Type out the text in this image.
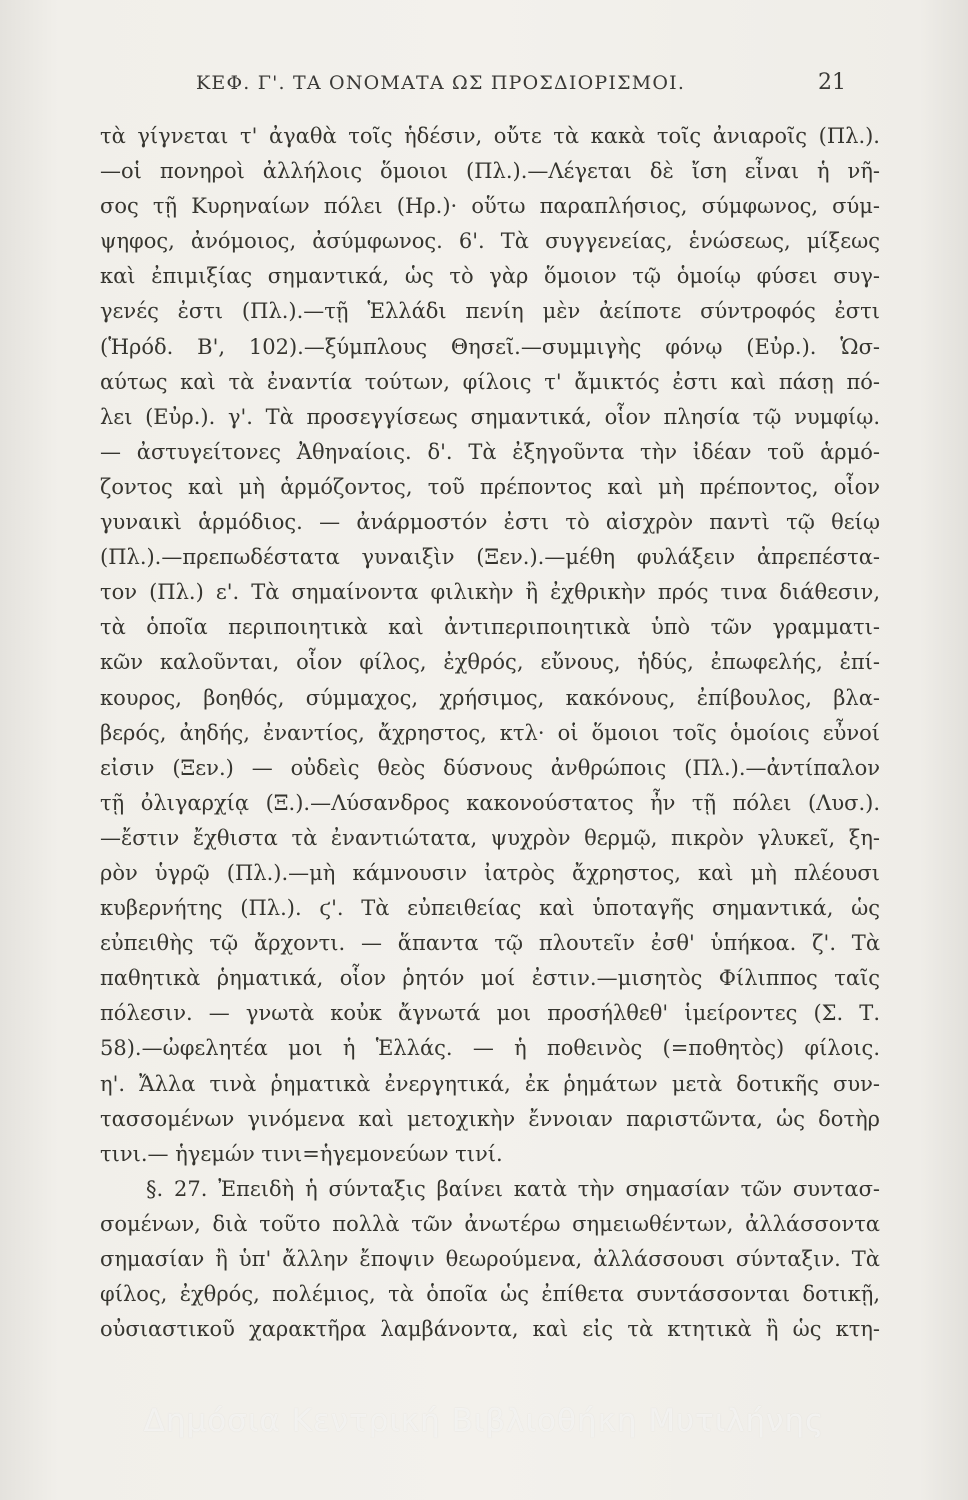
ΚΕΦ. Γ'. ΤΑ ΟΝΟΜΑΤΑ ΩΣ ΠΡΟΣΔΙΟΡΙΣΜΟΙ.	21
τὰ γίγνεται τ' ἀγαθὰ τοῖς ἡδέσιν, οὔτε τὰ κακὰ τοῖς ἀνιαροῖς (Πλ.).
—οἱ πονηροὶ ἀλλήλοις ὅμοιοι (Πλ.).—Λέγεται δὲ ἴση εἶναι ἡ νῆ-
σος τῇ Κυρηναίων πόλει (Ηρ.)· οὕτω παραπλήσιος, σύμφωνος, σύμ-
ψηφος, ἀνόμοιος, ἀσύμφωνος. 6'. Τὰ συγγενείας, ἑνώσεως, μίξεως
καὶ ἐπιμιξίας σημαντικά, ὡς τὸ γὰρ ὅμοιον τῷ ὁμοίῳ φύσει συγ-
γενές ἐστι (Πλ.).—τῇ Ἑλλάδι πενίη μὲν ἀείποτε σύντροφός ἐστι
(Ἡρόδ. Β', 102).—ξύμπλους Θησεῖ.—συμμιγὴς φόνῳ (Εὐρ.). Ὡσ-
αύτως καὶ τὰ ἐναντία τούτων, φίλοις τ' ἄμικτός ἐστι καὶ πάσῃ πό-
λει (Εὐρ.). γ'. Τὰ προσεγγίσεως σημαντικά, οἷον πλησία τῷ νυμφίῳ.
— ἀστυγείτονες Ἀθηναίοις. δ'. Τὰ ἐξηγοῦντα τὴν ἰδέαν τοῦ ἁρμό-
ζοντος καὶ μὴ ἁρμόζοντος, τοῦ πρέποντος καὶ μὴ πρέποντος, οἷον
γυναικὶ ἁρμόδιος. — ἀνάρμοστόν ἐστι τὸ αἰσχρὸν παντὶ τῷ θείῳ
(Πλ.).—πρεπωδέστατα γυναιξὶν (Ξεν.).—μέθη φυλάξειν ἀπρεπέστα-
τον (Πλ.) ε'. Τὰ σημαίνοντα φιλικὴν ἢ ἐχθρικὴν πρός τινα διάθεσιν,
τὰ ὁποῖα περιποιητικὰ καὶ ἀντιπεριποιητικὰ ὑπὸ τῶν γραμματι-
κῶν καλοῦνται, οἷον φίλος, ἐχθρός, εὔνους, ἡδύς, ἐπωφελής, ἐπί-
κουρος, βοηθός, σύμμαχος, χρήσιμος, κακόνους, ἐπίβουλος, βλα-
βερός, ἀηδής, ἐναντίος, ἄχρηστος, κτλ· οἱ ὅμοιοι τοῖς ὁμοίοις εὖνοί
εἰσιν (Ξεν.) — οὐδεὶς θεὸς δύσνους ἀνθρώποις (Πλ.).—ἀντίπαλον
τῇ ὀλιγαρχίᾳ (Ξ.).—Λύσανδρος κακονούστατος ἦν τῇ πόλει (Λυσ.).
—ἔστιν ἔχθιστα τὰ ἐναντιώτατα, ψυχρὸν θερμῷ, πικρὸν γλυκεῖ, ξη-
ρὸν ὑγρῷ (Πλ.).—μὴ κάμνουσιν ἰατρὸς ἄχρηστος, καὶ μὴ πλέουσι
κυβερνήτης (Πλ.). ϛ'. Τὰ εὐπειθείας καὶ ὑποταγῆς σημαντικά, ὡς
εὐπειθὴς τῷ ἄρχοντι. — ἅπαντα τῷ πλουτεῖν ἐσθ' ὑπήκοα. ζ'. Τὰ
παθητικὰ ῥηματικά, οἷον ῥητόν μοί ἐστιν.—μισητὸς Φίλιππος ταῖς
πόλεσιν. — γνωτὰ κοὐκ ἄγνωτά μοι προσήλθεθ' ἱμείροντες (Σ. Τ.
58).—ὠφελητέα μοι ἡ Ἑλλάς. — ἡ ποθεινὸς (=ποθητὸς) φίλοις.
η'. Ἄλλα τινὰ ῥηματικὰ ἐνεργητικά, ἐκ ῥημάτων μετὰ δοτικῆς συν-
τασσομένων γινόμενα καὶ μετοχικὴν ἔννοιαν παριστῶντα, ὡς δοτὴρ
τινι.— ἡγεμών τινι=ἡγεμονεύων τινί.
§. 27. Ἐπειδὴ ἡ σύνταξις βαίνει κατὰ τὴν σημασίαν τῶν συντασ-
σομένων, διὰ τοῦτο πολλὰ τῶν ἀνωτέρω σημειωθέντων, ἀλλάσσοντα
σημασίαν ἢ ὑπ' ἄλλην ἔποψιν θεωρούμενα, ἀλλάσσουσι σύνταξιν. Τὰ
φίλος, ἐχθρός, πολέμιος, τὰ ὁποῖα ὡς ἐπίθετα συντάσσονται δοτικῇ,
οὐσιαστικοῦ χαρακτῆρα λαμβάνοντα, καὶ εἰς τὰ κτητικὰ ἢ ὡς κτη-
Δημόσια Κεντρική Βιβλιοθήκη Μυτιλήνης
